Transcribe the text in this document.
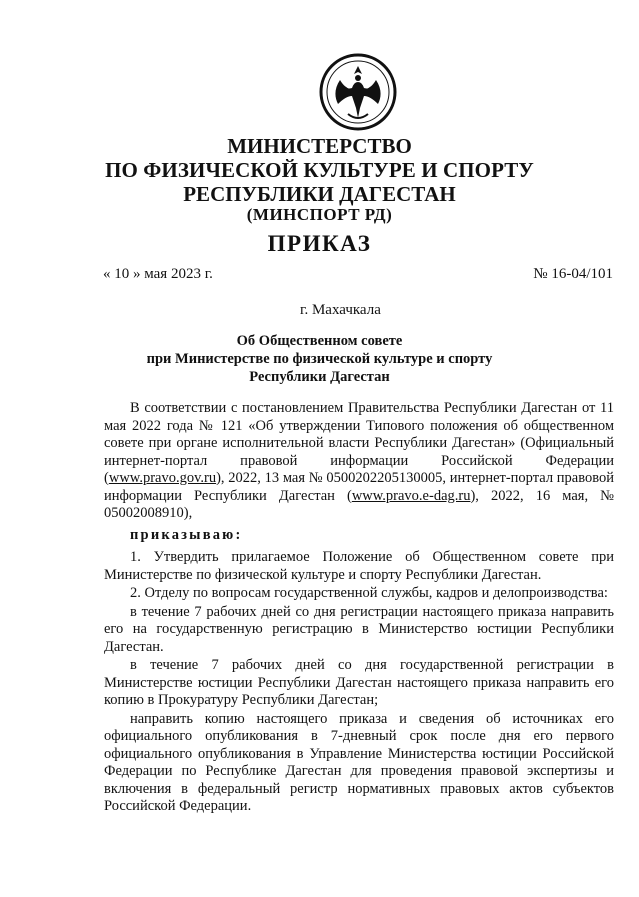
МИНИСТЕРСТВО
ПО ФИЗИЧЕСКОЙ КУЛЬТУРЕ И СПОРТУ
РЕСПУБЛИКИ ДАГЕСТАН
(МИНСПОРТ РД)
ПРИКАЗ
« 10 » мая 2023 г.	№ 16-04/101
г. Махачкала
Об Общественном совете
при Министерстве по физической культуре и спорту
Республики Дагестан

В соответствии с постановлением Правительства Республики Дагестан от 11 мая 2022 года № 121 «Об утверждении Типового положения об общественном совете при органе исполнительной власти Республики Дагестан» (Официальный интернет-портал правовой информации Российской Федерации (www.pravo.gov.ru), 2022, 13 мая № 0500202205130005, интернет-портал правовой информации Республики Дагестан (www.pravo.e-dag.ru), 2022, 16 мая, № 05002008910),

приказываю:

1. Утвердить прилагаемое Положение об Общественном совете при Министерстве по физической культуре и спорту Республики Дагестан.

2. Отделу по вопросам государственной службы, кадров и делопроизводства:

в течение 7 рабочих дней со дня регистрации настоящего приказа направить его на государственную регистрацию в Министерство юстиции Республики Дагестан.

в течение 7 рабочих дней со дня государственной регистрации в Министерстве юстиции Республики Дагестан настоящего приказа направить его копию в Прокуратуру Республики Дагестан;

направить копию настоящего приказа и сведения об источниках его официального опубликования в 7-дневный срок после дня его первого официального опубликования в Управление Министерства юстиции Российской Федерации по Республике Дагестан для проведения правовой экспертизы и включения в федеральный регистр нормативных правовых актов субъектов Российской Федерации.
